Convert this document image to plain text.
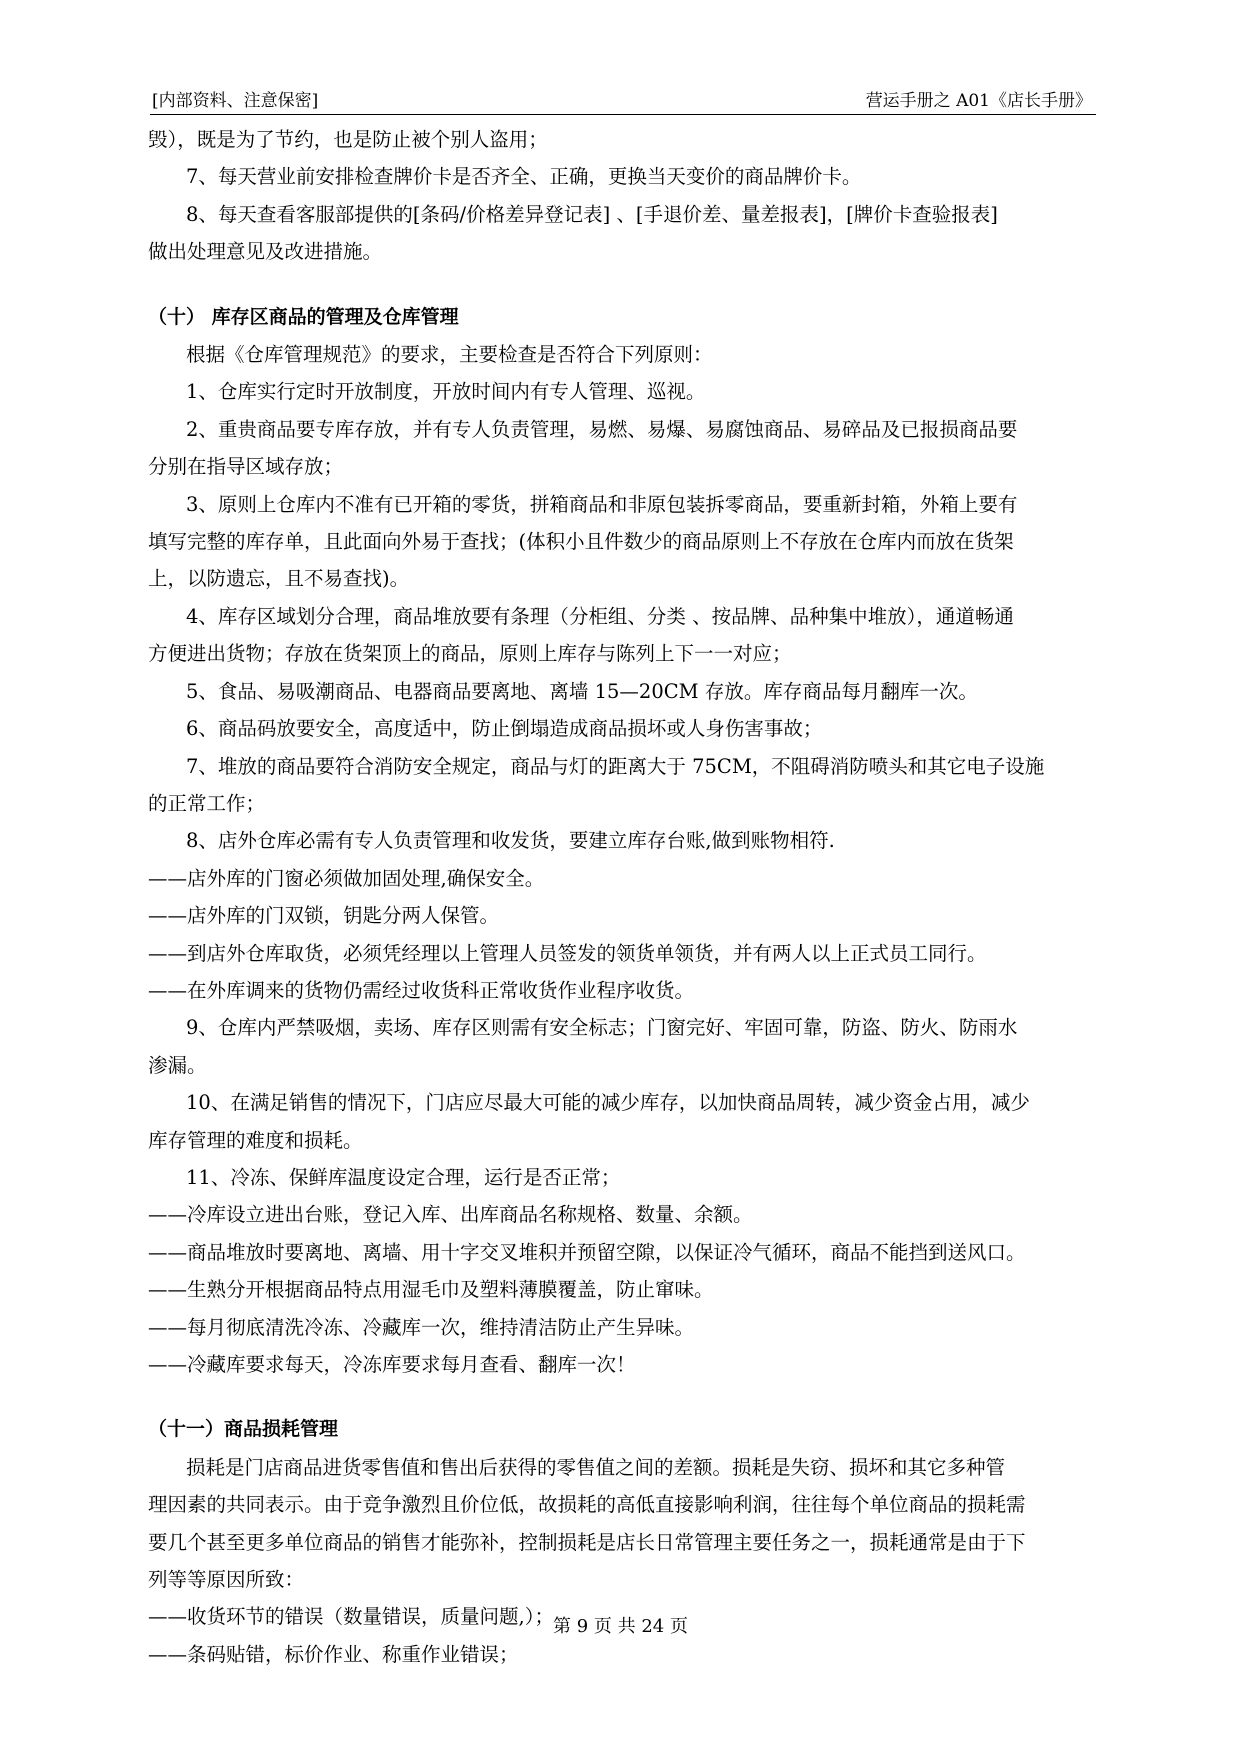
[内部资料、注意保密]	营运手册之 A01《店长手册》
毁），既是为了节约，也是防止被个别人盗用；
7、每天营业前安排检查牌价卡是否齐全、正确，更换当天变价的商品牌价卡。
8、每天查看客服部提供的[条码/价格差异登记表] 、[手退价差、量差报表]，[牌价卡查验报表]
做出处理意见及改进措施。
（十） 库存区商品的管理及仓库管理
根据《仓库管理规范》的要求，主要检查是否符合下列原则：
1、仓库实行定时开放制度，开放时间内有专人管理、巡视。
2、重贵商品要专库存放，并有专人负责管理，易燃、易爆、易腐蚀商品、易碎品及已报损商品要
分别在指导区域存放；
3、原则上仓库内不准有已开箱的零货，拼箱商品和非原包装拆零商品，要重新封箱，外箱上要有
填写完整的库存单，且此面向外易于查找；(体积小且件数少的商品原则上不存放在仓库内而放在货架
上，以防遗忘，且不易查找)。
4、库存区域划分合理，商品堆放要有条理（分柜组、分类 、按品牌、品种集中堆放），通道畅通
方便进出货物；存放在货架顶上的商品，原则上库存与陈列上下一一对应；
5、食品、易吸潮商品、电器商品要离地、离墙 15—20CM 存放。库存商品每月翻库一次。
6、商品码放要安全，高度适中，防止倒塌造成商品损坏或人身伤害事故；
7、堆放的商品要符合消防安全规定，商品与灯的距离大于 75CM，不阻碍消防喷头和其它电子设施
的正常工作；
8、店外仓库必需有专人负责管理和收发货，要建立库存台账,做到账物相符.
——店外库的门窗必须做加固处理,确保安全。
——店外库的门双锁，钥匙分两人保管。
——到店外仓库取货，必须凭经理以上管理人员签发的领货单领货，并有两人以上正式员工同行。
——在外库调来的货物仍需经过收货科正常收货作业程序收货。
9、仓库内严禁吸烟，卖场、库存区则需有安全标志；门窗完好、牢固可靠，防盗、防火、防雨水
渗漏。
10、在满足销售的情况下，门店应尽最大可能的减少库存，以加快商品周转，减少资金占用，减少
库存管理的难度和损耗。
11、冷冻、保鲜库温度设定合理，运行是否正常；
——冷库设立进出台账，登记入库、出库商品名称规格、数量、余额。
——商品堆放时要离地、离墙、用十字交叉堆积并预留空隙，以保证冷气循环，商品不能挡到送风口。
——生熟分开根据商品特点用湿毛巾及塑料薄膜覆盖，防止窜味。
——每月彻底清洗冷冻、冷藏库一次，维持清洁防止产生异味。
——冷藏库要求每天，冷冻库要求每月查看、翻库一次！
（十一）商品损耗管理
损耗是门店商品进货零售值和售出后获得的零售值之间的差额。损耗是失窃、损坏和其它多种管
理因素的共同表示。由于竞争激烈且价位低，故损耗的高低直接影响利润，往往每个单位商品的损耗需
要几个甚至更多单位商品的销售才能弥补，控制损耗是店长日常管理主要任务之一，损耗通常是由于下
列等等原因所致：
——收货环节的错误（数量错误，质量问题,）；
——条码贴错，标价作业、称重作业错误；
第 9 页 共 24 页
